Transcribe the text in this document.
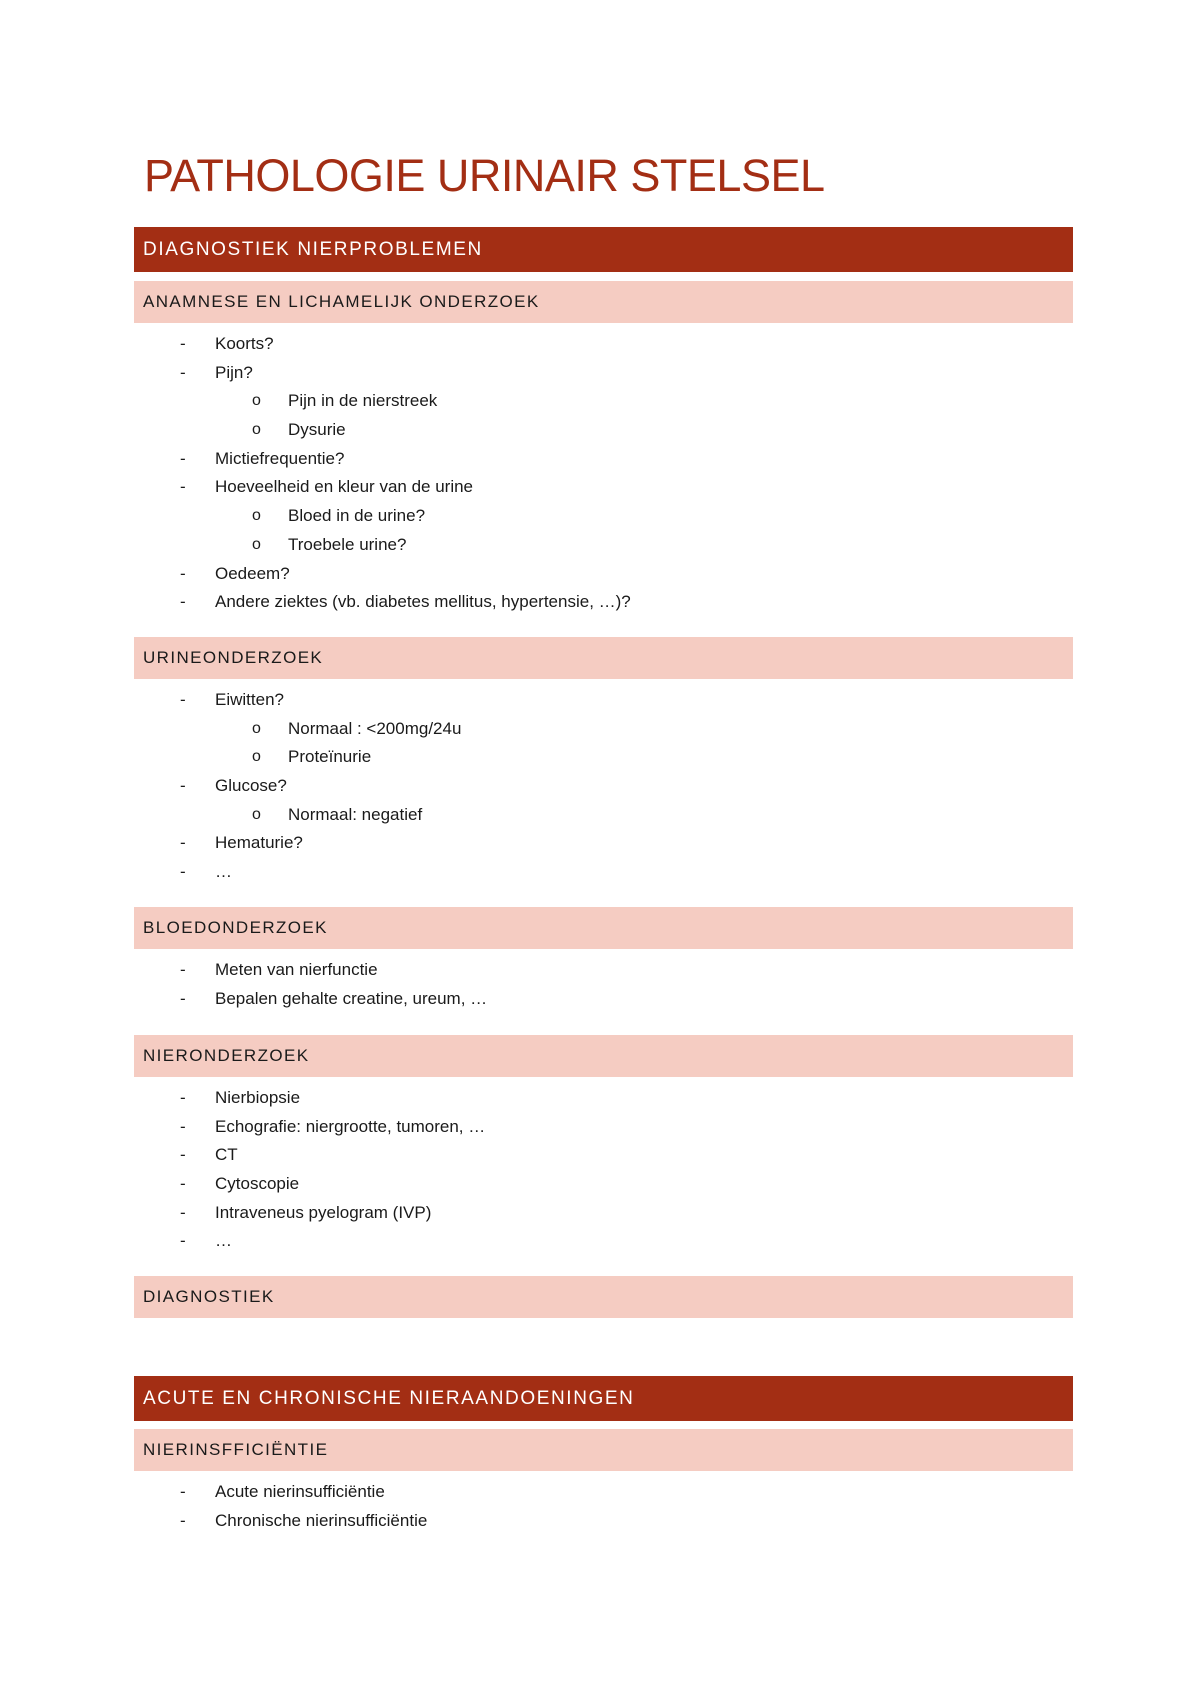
PATHOLOGIE URINAIR STELSEL
DIAGNOSTIEK NIERPROBLEMEN
ANAMNESE EN LICHAMELIJK ONDERZOEK
- Koorts?
- Pijn?
o Pijn in de nierstreek
o Dysurie
- Mictiefrequentie?
- Hoeveelheid en kleur van de urine
o Bloed in de urine?
o Troebele urine?
- Oedeem?
- Andere ziektes (vb. diabetes mellitus, hypertensie, …)?
URINEONDERZOEK
- Eiwitten?
o Normaal : <200mg/24u
o Proteïnurie
- Glucose?
o Normaal: negatief
- Hematurie?
- …
BLOEDONDERZOEK
- Meten van nierfunctie
- Bepalen gehalte creatine, ureum, …
NIERONDERZOEK
- Nierbiopsie
- Echografie: niergrootte, tumoren, …
- CT
- Cytoscopie
- Intraveneus pyelogram (IVP)
- …
DIAGNOSTIEK
ACUTE EN CHRONISCHE NIERAANDOENINGEN
NIERINSFFICIËNTIE
- Acute nierinsufficiëntie
- Chronische nierinsufficiëntie
